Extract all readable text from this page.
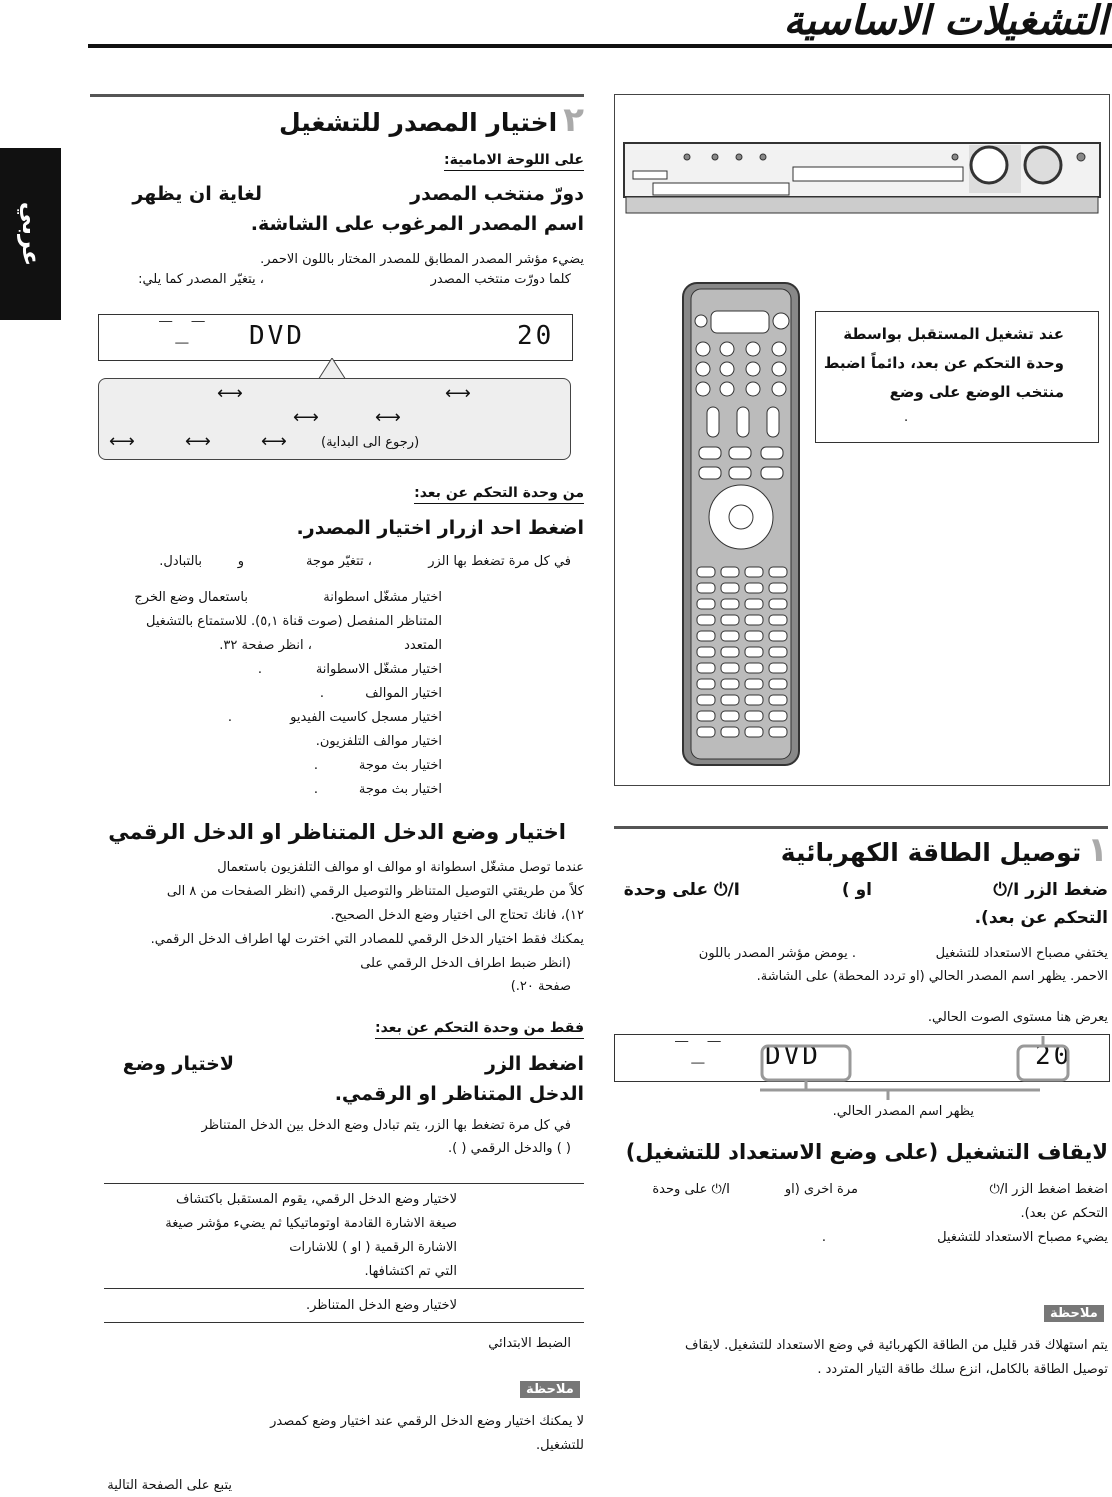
التشغيلات الاساسية
عربي
٢اختيار المصدر للتشغيل
على اللوحة الامامية:
دورّ منتخب المصدر
لغاية ان يظهر
اسم المصدر المرغوب على الشاشة.
يضيء مؤشر المصدر المطابق للمصدر المختار باللون الاحمر.
كلما دورّت منتخب المصدر
، يتغيّر المصدر كما يلي:
‾_‾ DVD	20
⟷	⟷
⟷	⟷
⟷	⟷	⟷	(رجوع الى البداية)
من وحدة التحكم عن بعد:
اضغط احد ازرار اختيار المصدر.
في كل مرة تضغط بها الزر
، تتغيّر موجة
و
بالتبادل.
اختيار مشغّل اسطوانة
باستعمال وضع الخرج
المتناظر المنفصل (صوت قناة ٥,١). للاستمتاع بالتشغيل
المتعدد
، انظر صفحة ٣٢.
اختيار مشغّل الاسطوانة
.
اختيار الموالف
.
اختيار مسجل كاسيت الفيديو
.
اختيار موالف التلفزيون.
اختيار بث موجة
.
اختيار بث موجة
.
اختيار وضع الدخل المتناظر او الدخل الرقمي
عندما توصل مشغّل اسطوانة او موالف او موالف التلفزيون باستعمال
كلاً من طريقتي التوصيل المتناظر والتوصيل الرقمي (انظر الصفحات من ٨ الى
١٢)، فانك تحتاج الى اختيار وضع الدخل الصحيح.
يمكنك فقط اختيار الدخل الرقمي للمصادر التي اخترت لها اطراف الدخل الرقمي.
(انظر ضبط اطراف الدخل الرقمي على
صفحة ٢٠.)
فقط من وحدة التحكم عن بعد:
اضغط الزر
لاختيار وضع
الدخل المتناظر او الرقمي.
في كل مرة تضغط بها الزر، يتم تبادل وضع الدخل بين الدخل المتناظر
( ) والدخل الرقمي ( ).
لاختيار وضع الدخل الرقمي، يقوم المستقبل باكتشاف
صيغة الاشارة القادمة اوتوماتيكيا ثم يضيء مؤشر صيغة
الاشارة الرقمية ( او ) للاشارات
التي تم اكتشافها.
لاختيار وضع الدخل المتناظر.
الضبط الابتدائي
ملاحظة
لا يمكنك اختيار وضع الدخل الرقمي عند اختيار وضع كمصدر
للتشغيل.
يتبع على الصفحة التالية
عند تشغيل المستقبل بواسطة
وحدة التحكم عن بعد، دائماً اضبط
منتخب الوضع على وضع
.
١توصيل الطاقة الكهربائية
ضغط الزر I/⏻
او )
I/⏻ على وحدة
التحكم عن بعد).
يختفي مصباح الاستعداد للتشغيل
. يومض مؤشر المصدر باللون
الاحمر. يظهر اسم المصدر الحالي (او تردد المحطة) على الشاشة.
يعرض هنا مستوى الصوت الحالي.
‾_‾ DVD	20
يظهر اسم المصدر الحالي.
لايقاف التشغيل (على وضع الاستعداد للتشغيل)
اضغط اضغط الزر I/⏻
مرة اخرى (او
I/⏻ على وحدة
التحكم عن بعد).
يضيء مصباح الاستعداد للتشغيل
.
ملاحظة
يتم استهلاك قدر قليل من الطاقة الكهربائية في وضع الاستعداد للتشغيل. لايقاف
توصيل الطاقة بالكامل، انزع سلك طاقة التيار المتردد .
